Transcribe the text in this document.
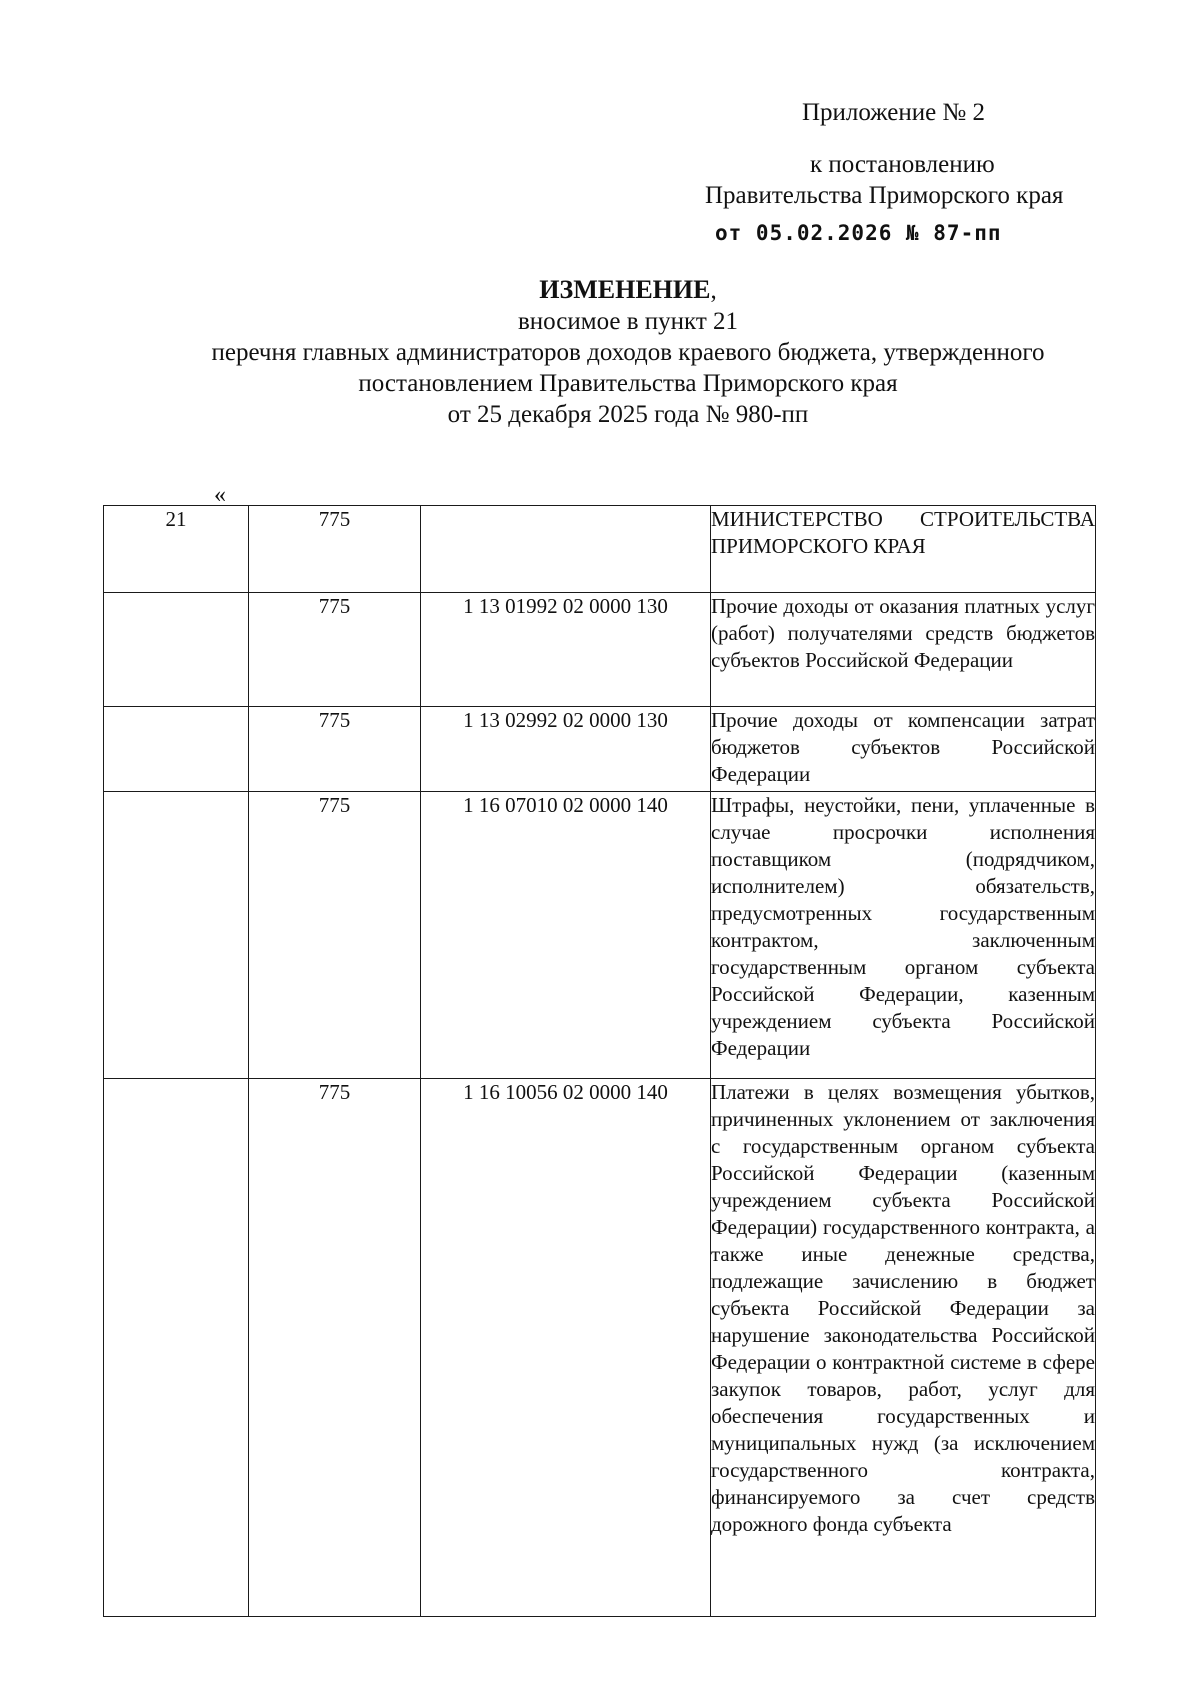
Приложение № 2
к постановлению
Правительства Приморского края
от 05.02.2026 № 87-пп
ИЗМЕНЕНИЕ,
вносимое в пункт 21
перечня главных администраторов доходов краевого бюджета, утвержденного
постановлением Правительства Приморского края
от 25 декабря 2025 года № 980-пп
«
21	775		МИНИСТЕРСТВО СТРОИТЕЛЬСТВА ПРИМОРСКОГО КРАЯ

	775	1 13 01992 02 0000 130	Прочие доходы от оказания платных услуг (работ) получателями средств бюджетов субъектов Российской Федерации

	775	1 13 02992 02 0000 130	Прочие доходы от компенсации затрат бюджетов субъектов Российской Федерации

	775	1 16 07010 02 0000 140	Штрафы, неустойки, пени, уплаченные в случае просрочки исполнения поставщиком (подрядчиком, исполнителем) обязательств, предусмотренных государственным контрактом, заключенным государственным органом субъекта Российской Федерации, казенным учреждением субъекта Российской Федерации

	775	1 16 10056 02 0000 140	Платежи в целях возмещения убытков, причиненных уклонением от заключения с государственным органом субъекта Российской Федерации (казенным учреждением субъекта Российской Федерации) государственного контракта, а также иные денежные средства, подлежащие зачислению в бюджет субъекта Российской Федерации за нарушение законодательства Российской Федерации о контрактной системе в сфере закупок товаров, работ, услуг для обеспечения государственных и муниципальных нужд (за исключением государственного контракта, финансируемого за счет средств дорожного фонда субъекта
